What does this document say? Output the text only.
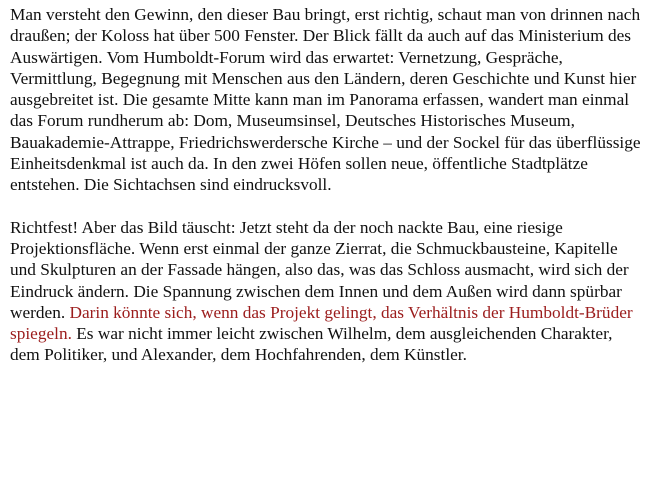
Man versteht den Gewinn, den dieser Bau bringt, erst richtig, schaut man von drinnen nach draußen; der Koloss hat über 500 Fenster. Der Blick fällt da auch auf das Ministerium des Auswärtigen. Vom Humboldt-Forum wird das erwartet: Vernetzung, Gespräche, Vermittlung, Begegnung mit Menschen aus den Ländern, deren Geschichte und Kunst hier ausgebreitet ist. Die gesamte Mitte kann man im Panorama erfassen, wandert man einmal das Forum rundherum ab: Dom, Museumsinsel, Deutsches Historisches Museum, Bauakademie-Attrappe, Friedrichswerdersche Kirche – und der Sockel für das überflüssige Einheitsdenkmal ist auch da. In den zwei Höfen sollen neue, öffentliche Stadtplätze entstehen. Die Sichtachsen sind eindrucksvoll.

Richtfest! Aber das Bild täuscht: Jetzt steht da der noch nackte Bau, eine riesige Projektionsfläche. Wenn erst einmal der ganze Zierrat, die Schmuckbausteine, Kapitelle und Skulpturen an der Fassade hängen, also das, was das Schloss ausmacht, wird sich der Eindruck ändern. Die Spannung zwischen dem Innen und dem Außen wird dann spürbar werden. Darin könnte sich, wenn das Projekt gelingt, das Verhältnis der Humboldt-Brüder spiegeln. Es war nicht immer leicht zwischen Wilhelm, dem ausgleichenden Charakter, dem Politiker, und Alexander, dem Hochfahrenden, dem Künstler.
